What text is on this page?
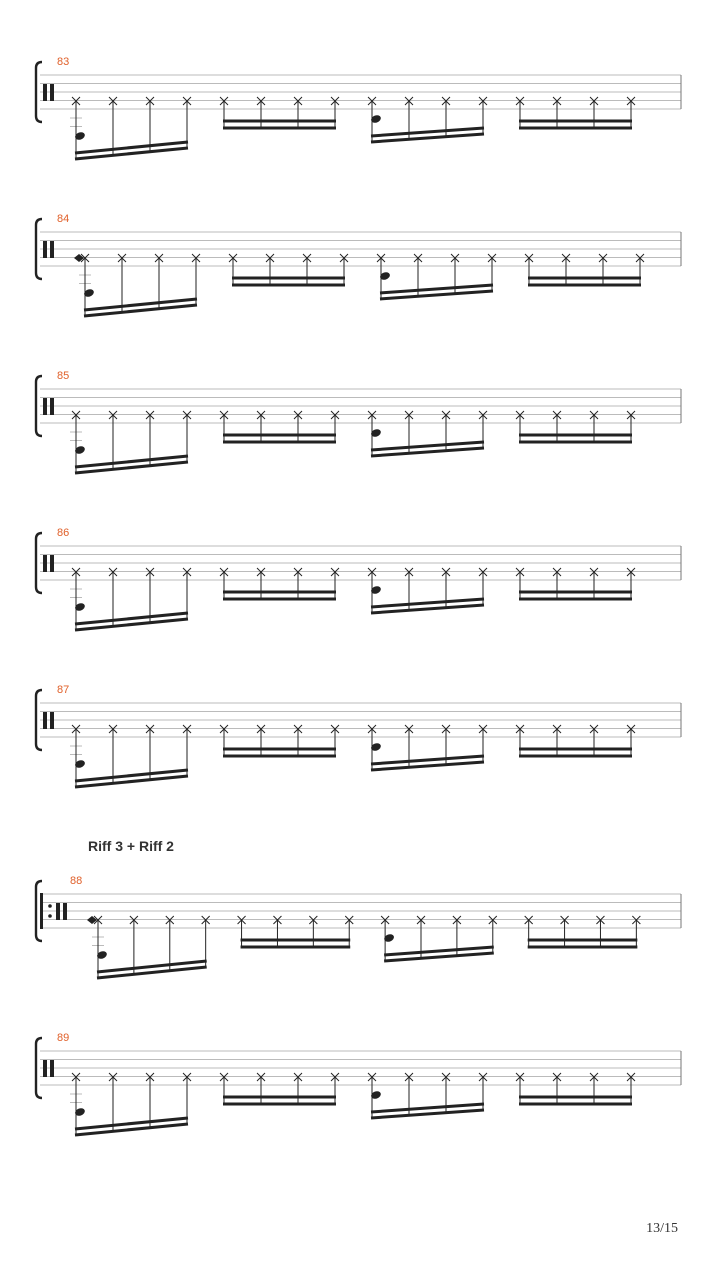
83
84
85
86
87
88
89
Riff 3 + Riff 2
13/15
